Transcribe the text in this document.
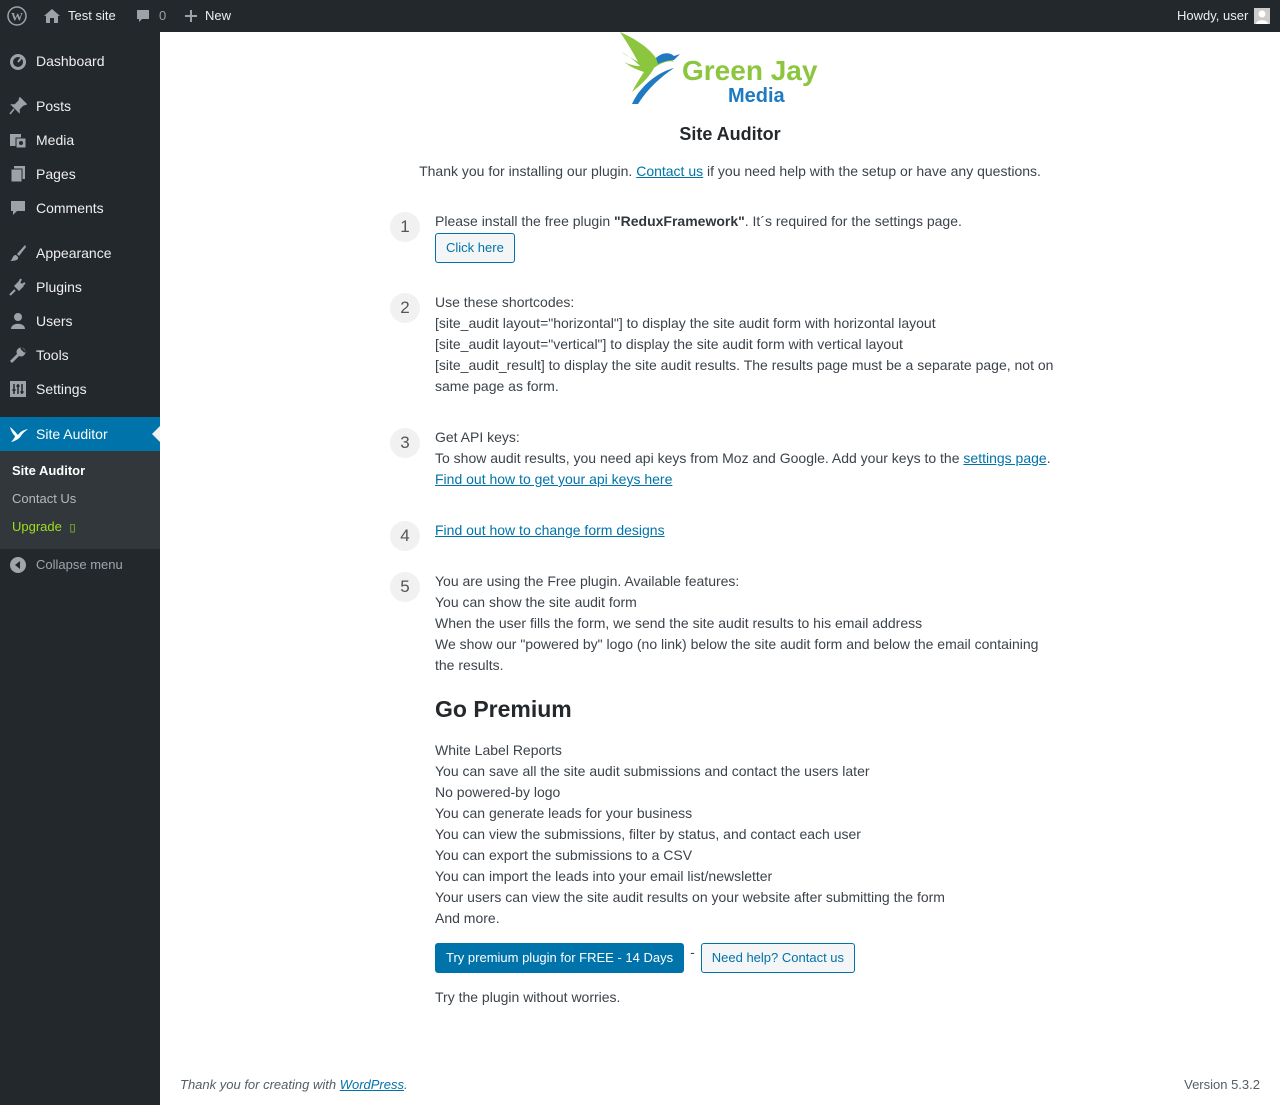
W	Test site	0	New	Howdy, user
Dashboard
Posts
Media
Pages
Comments
Appearance
Plugins
Users
Tools
Settings
Site Auditor
Site Auditor
Contact Us
Upgrade ▯
Collapse menu
Green Jay
Media
Site Auditor
Thank you for installing our plugin. Contact us if you need help with the setup or have any questions.
1	Please install the free plugin "ReduxFramework". It´s required for the settings page.
Click here
2	Use these shortcodes:
[site_audit layout="horizontal"] to display the site audit form with horizontal layout
[site_audit layout="vertical"] to display the site audit form with vertical layout
[site_audit_result] to display the site audit results. The results page must be a separate page, not on same page as form.
3	Get API keys:
To show audit results, you need api keys from Moz and Google. Add your keys to the settings page. Find out how to get your api keys here
4	Find out how to change form designs
5	You are using the Free plugin. Available features:
You can show the site audit form
When the user fills the form, we send the site audit results to his email address
We show our "powered by" logo (no link) below the site audit form and below the email containing the results.
Go Premium
White Label Reports
You can save all the site audit submissions and contact the users later
No powered-by logo
You can generate leads for your business
You can view the submissions, filter by status, and contact each user
You can export the submissions to a CSV
You can import the leads into your email list/newsletter
Your users can view the site audit results on your website after submitting the form
And more.
Try premium plugin for FREE - 14 Days	-	Need help? Contact us
Try the plugin without worries.
Thank you for creating with WordPress.	Version 5.3.2
